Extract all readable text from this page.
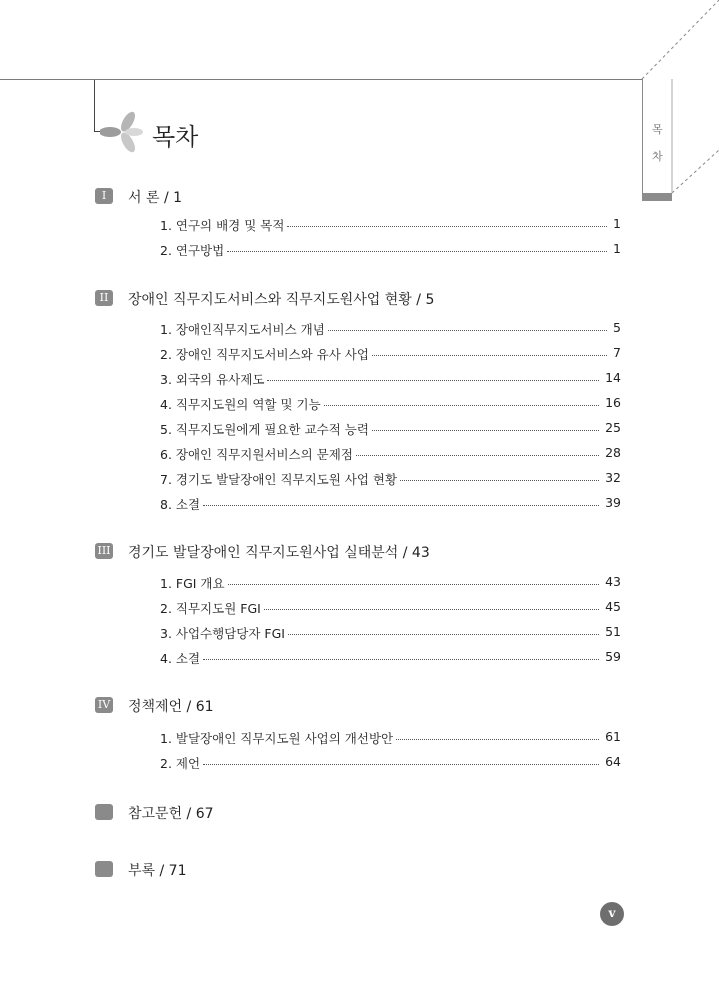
목
차
목차
I	서 론 / 1
1. 연구의 배경 및 목적	1
2. 연구방법	1
II	장애인 직무지도서비스와 직무지도원사업 현황 / 5
1. 장애인직무지도서비스 개념	5
2. 장애인 직무지도서비스와 유사 사업	7
3. 외국의 유사제도	14
4. 직무지도원의 역할 및 기능	16
5. 직무지도원에게 필요한 교수적 능력	25
6. 장애인 직무지원서비스의 문제점	28
7. 경기도 발달장애인 직무지도원 사업 현황	32
8. 소결	39
III 경기도 발달장애인 직무지도원사업 실태분석 / 43
1. FGI 개요	43
2. 직무지도원 FGI	45
3. 사업수행담당자 FGI	51
4. 소결	59
IV 정책제언 / 61
1. 발달장애인 직무지도원 사업의 개선방안	61
2. 제언	64
참고문헌 / 67
부록 / 71
v
